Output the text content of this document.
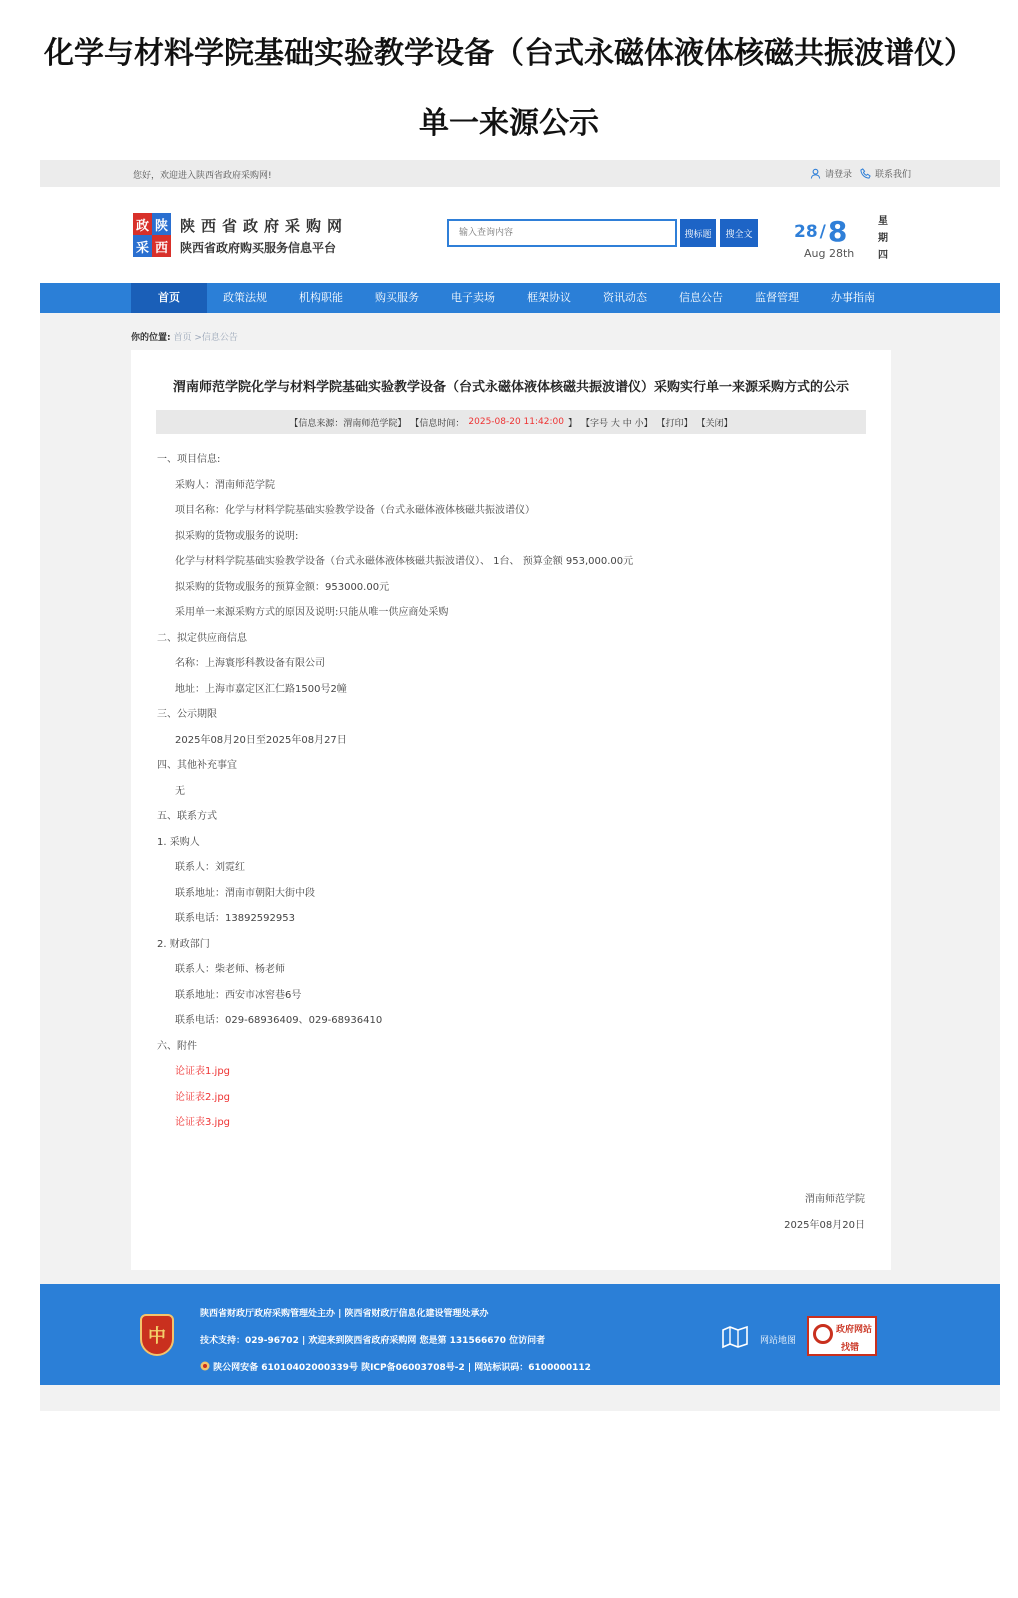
化学与材料学院基础实验教学设备（台式永磁体液体核磁共振波谱仪）
单一来源公示
您好，欢迎进入陕西省政府采购网!	请登录	联系我们
政 陕
采 西
陕西省政府采购网
陕西省政府购买服务信息平台
输入查询内容
搜标题	搜全文	28 /8
Aug 28th
星
期
四
首页	政策法规	机构职能	购买服务	电子卖场	框架协议	资讯动态	信息公告	监督管理	办事指南
你的位置: 首页 >信息公告
渭南师范学院化学与材料学院基础实验教学设备（台式永磁体液体核磁共振波谱仪）采购实行单一来源采购方式的公示
【信息来源：渭南师范学院】 【信息时间： 2025-08-20 11:42:00 】 【字号 大 中 小】 【打印】 【关闭】
一、项目信息:
采购人：渭南师范学院
项目名称：化学与材料学院基础实验教学设备（台式永磁体液体核磁共振波谱仪）
拟采购的货物或服务的说明:
化学与材料学院基础实验教学设备（台式永磁体液体核磁共振波谱仪）、 1台、 预算金额 953,000.00元
拟采购的货物或服务的预算金额：953000.00元
采用单一来源采购方式的原因及说明:只能从唯一供应商处采购
二、拟定供应商信息
名称：上海寰彤科教设备有限公司
地址：上海市嘉定区汇仁路1500号2幢
三、公示期限
2025年08月20日至2025年08月27日
四、其他补充事宜
无
五、联系方式
1. 采购人
联系人：刘霓红
联系地址：渭南市朝阳大街中段
联系电话：13892592953
2. 财政部门
联系人：柴老师、杨老师
联系地址：西安市冰窖巷6号
联系电话：029-68936409、029-68936410
六、附件
论证表1.jpg
论证表2.jpg
论证表3.jpg
渭南师范学院
2025年08月20日
中
陕西省财政厅政府采购管理处主办 | 陕西省财政厅信息化建设管理处承办
技术支持：029-96702 | 欢迎来到陕西省政府采购网 您是第 131566670 位访问者
陕公网安备 61010402000339号 陕ICP备06003708号-2 | 网站标识码：6100000112
网站地图
政府网站
找错
